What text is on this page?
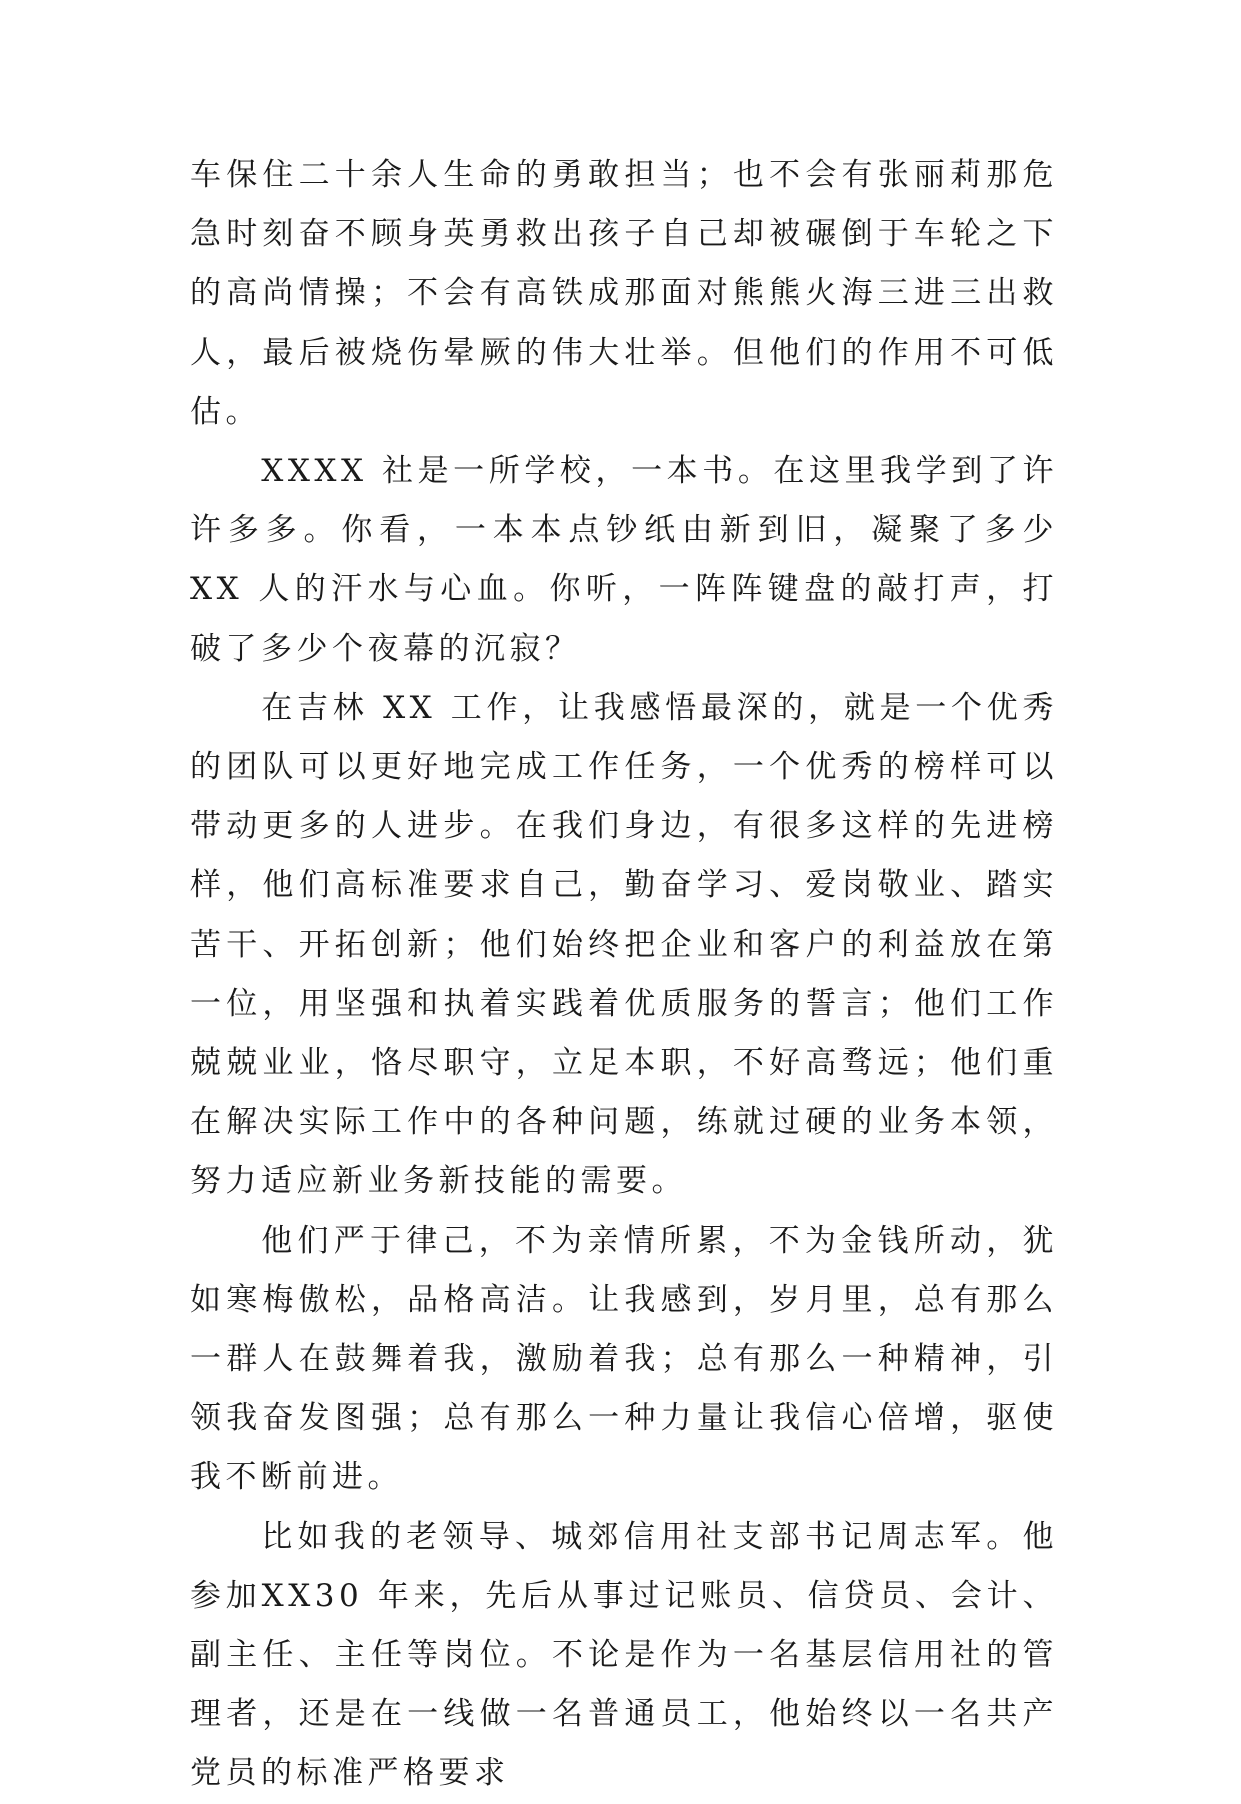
车保住二十余人生命的勇敢担当；也不会有张丽莉那危急时刻奋不顾身英勇救出孩子自己却被碾倒于车轮之下的高尚情操；不会有高铁成那面对熊熊火海三进三出救人，最后被烧伤晕厥的伟大壮举。但他们的作用不可低估。

XXXX 社是一所学校，一本书。在这里我学到了许许多多。你看，一本本点钞纸由新到旧，凝聚了多少 XX 人的汗水与心血。你听，一阵阵键盘的敲打声，打破了多少个夜幕的沉寂？

在吉林 XX 工作，让我感悟最深的，就是一个优秀的团队可以更好地完成工作任务，一个优秀的榜样可以带动更多的人进步。在我们身边，有很多这样的先进榜样，他们高标准要求自己，勤奋学习、爱岗敬业、踏实苦干、开拓创新；他们始终把企业和客户的利益放在第一位，用坚强和执着实践着优质服务的誓言；他们工作兢兢业业，恪尽职守，立足本职，不好高骛远；他们重在解决实际工作中的各种问题，练就过硬的业务本领，努力适应新业务新技能的需要。

他们严于律己，不为亲情所累，不为金钱所动，犹如寒梅傲松，品格高洁。让我感到，岁月里，总有那么一群人在鼓舞着我，激励着我；总有那么一种精神，引领我奋发图强；总有那么一种力量让我信心倍增，驱使我不断前进。

比如我的老领导、城郊信用社支部书记周志军。他参加XX30 年来，先后从事过记账员、信贷员、会计、副主任、主任等岗位。不论是作为一名基层信用社的管理者，还是在一线做一名普通员工，他始终以一名共产党员的标准严格要求
